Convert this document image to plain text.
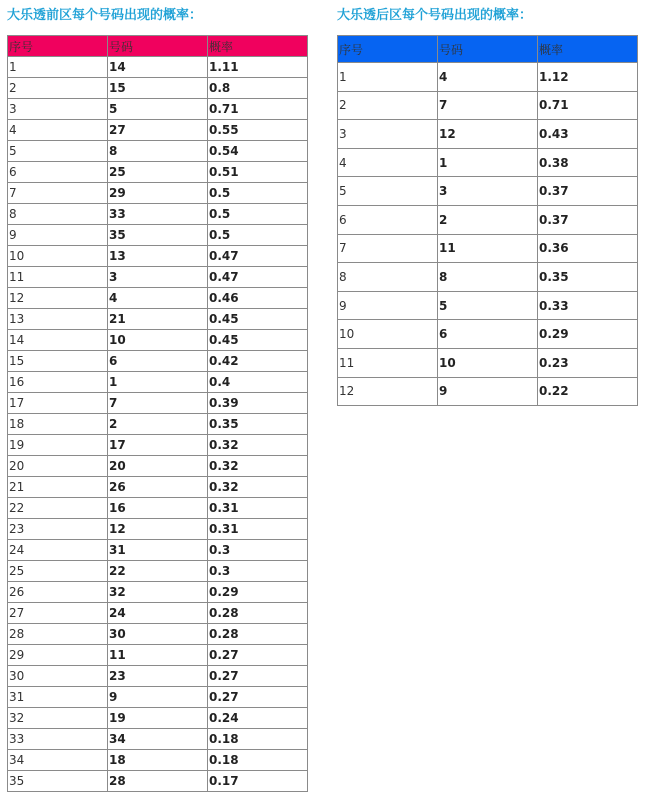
大乐透前区每个号码出现的概率：
序号	号码	概率
1	14	1.11
2	15	0.8
3	5	0.71
4	27	0.55
5	8	0.54
6	25	0.51
7	29	0.5
8	33	0.5
9	35	0.5
10	13	0.47
11	3	0.47
12	4	0.46
13	21	0.45
14	10	0.45
15	6	0.42
16	1	0.4
17	7	0.39
18	2	0.35
19	17	0.32
20	20	0.32
21	26	0.32
22	16	0.31
23	12	0.31
24	31	0.3
25	22	0.3
26	32	0.29
27	24	0.28
28	30	0.28
29	11	0.27
30	23	0.27
31	9	0.27
32	19	0.24
33	34	0.18
34	18	0.18
35	28	0.17
大乐透后区每个号码出现的概率：
序号	号码	概率
1	4	1.12
2	7	0.71
3	12	0.43
4	1	0.38
5	3	0.37
6	2	0.37
7	11	0.36
8	8	0.35
9	5	0.33
10	6	0.29
11	10	0.23
12	9	0.22
